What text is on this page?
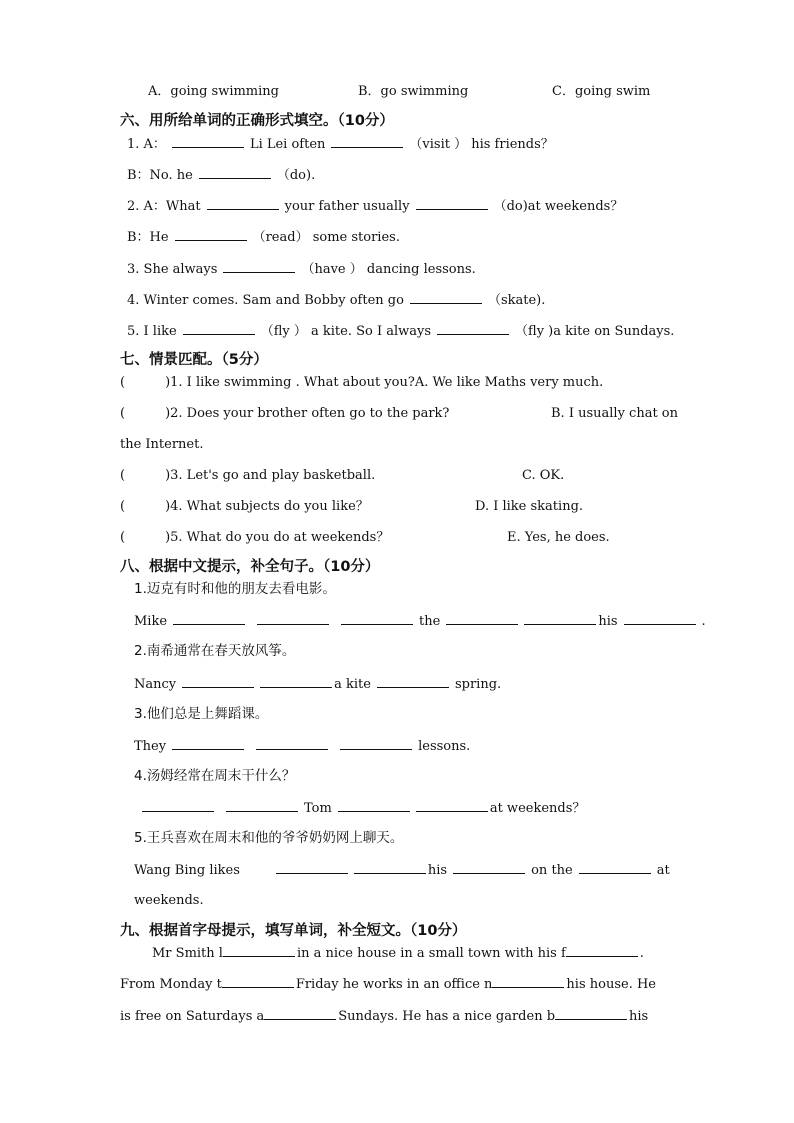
A．going swimming	B．go swimming	C．going swim
六、用所给单词的正确形式填空。（10分）
1. A：	Li Lei often	（visit ） his friends？
B：No. he	（do).
2. A：What	your father usually	（do)at weekends？
B：He	（read） some stories.
3. She always	（have ） dancing lessons.
4. Winter comes. Sam and Bobby often go	（skate).
5. I like	（fly ） a kite. So I always	（fly )a kite on Sundays.
七、情景匹配。（5分）
(	)1. I like swimming . What about you?A. We like Maths very much.
(	)2. Does your brother often go to the park?	B. I usually chat on
the Internet.
(	)3. Let's go and play basketball.	C. OK.
(	)4. What subjects do you like？	D. I like skating.
(	)5. What do you do at weekends？	E. Yes, he does.
八、根据中文提示，补全句子。（10分）
1.迈克有时和他的朋友去看电影。
Mike	the	his	.
2.南希通常在春天放风筝。
Nancy	a kite	spring.
3.他们总是上舞蹈课。
They	lessons.
4.汤姆经常在周末干什么？
Tom	at weekends？
5.王兵喜欢在周末和他的爷爷奶奶网上聊天。
Wang Bing likes	his	on the	at
weekends.
九、根据首字母提示，填写单词，补全短文。（10分）
Mr Smith l	in a nice house in a small town with his f	.
From Monday t	Friday he works in an office n	his house. He
is free on Saturdays a	Sundays. He has a nice garden b	his
